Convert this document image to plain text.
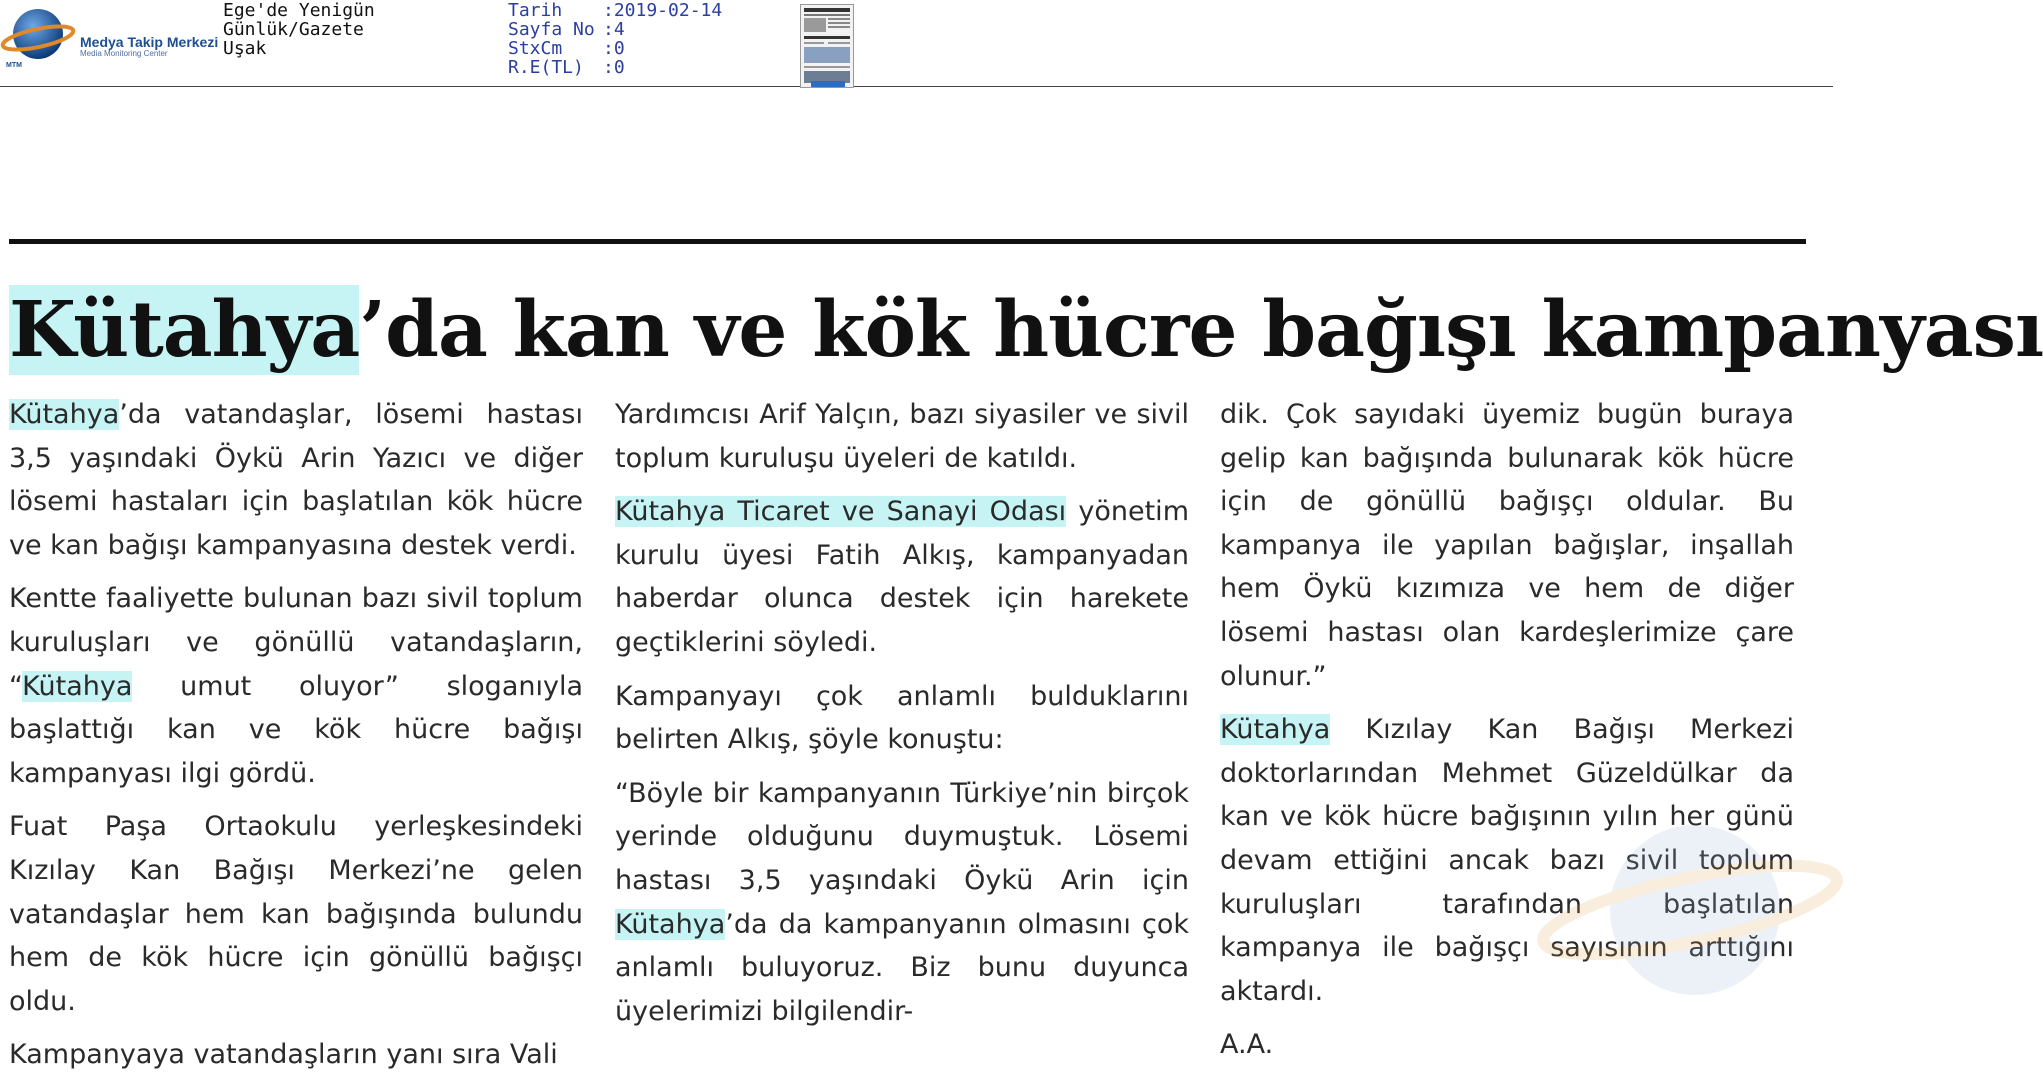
Medya Takip Merkezi
Media Monitoring Center
MTM
Ege'de Yenigün
Günlük/Gazete
Uşak
Tarih :2019-02-14
Sayfa No :4
StxCm :0
R.E(TL) :0
Kütahya’da kan ve kök hücre bağışı kampanyası

Kütahya’da vatandaşlar, lösemi hastası 3,5 yaşındaki Öykü Arin Yazıcı ve diğer lösemi hastaları için başlatılan kök hücre ve kan bağışı kampanyasına destek verdi.

Kentte faaliyette bulunan bazı sivil toplum kuruluşları ve gönüllü vatandaşların, “Kütahya umut oluyor” sloganıyla başlattığı kan ve kök hücre bağışı kampanyası ilgi gördü.

Fuat Paşa Ortaokulu yerleşkesindeki Kızılay Kan Bağışı Merkezi’ne gelen vatandaşlar hem kan bağışında bulundu hem de kök hücre için gönüllü bağışçı oldu.

Kampanyaya vatandaşların yanı sıra Vali

Yardımcısı Arif Yalçın, bazı siyasiler ve sivil toplum kuruluşu üyeleri de katıldı.

Kütahya Ticaret ve Sanayi Odası yönetim kurulu üyesi Fatih Alkış, kampanyadan haberdar olunca destek için harekete geçtiklerini söyledi.

Kampanyayı çok anlamlı bulduklarını belirten Alkış, şöyle konuştu:

“Böyle bir kampanyanın Türkiye’nin birçok yerinde olduğunu duymuştuk. Lösemi hastası 3,5 yaşındaki Öykü Arin için Kütahya’da da kampanyanın olmasını çok anlamlı buluyoruz. Biz bunu duyunca üyelerimizi bilgilendir-

dik. Çok sayıdaki üyemiz bugün buraya gelip kan bağışında bulunarak kök hücre için de gönüllü bağışçı oldular. Bu kampanya ile yapılan bağışlar, inşallah hem Öykü kızımıza ve hem de diğer lösemi hastası olan kardeşlerimize çare olunur.”

Kütahya Kızılay Kan Bağışı Merkezi doktorlarından Mehmet Güzeldülkar da kan ve kök hücre bağışının yılın her günü devam ettiğini ancak bazı sivil toplum kuruluşları tarafından başlatılan kampanya ile bağışçı sayısının arttığını aktardı.

A.A.
